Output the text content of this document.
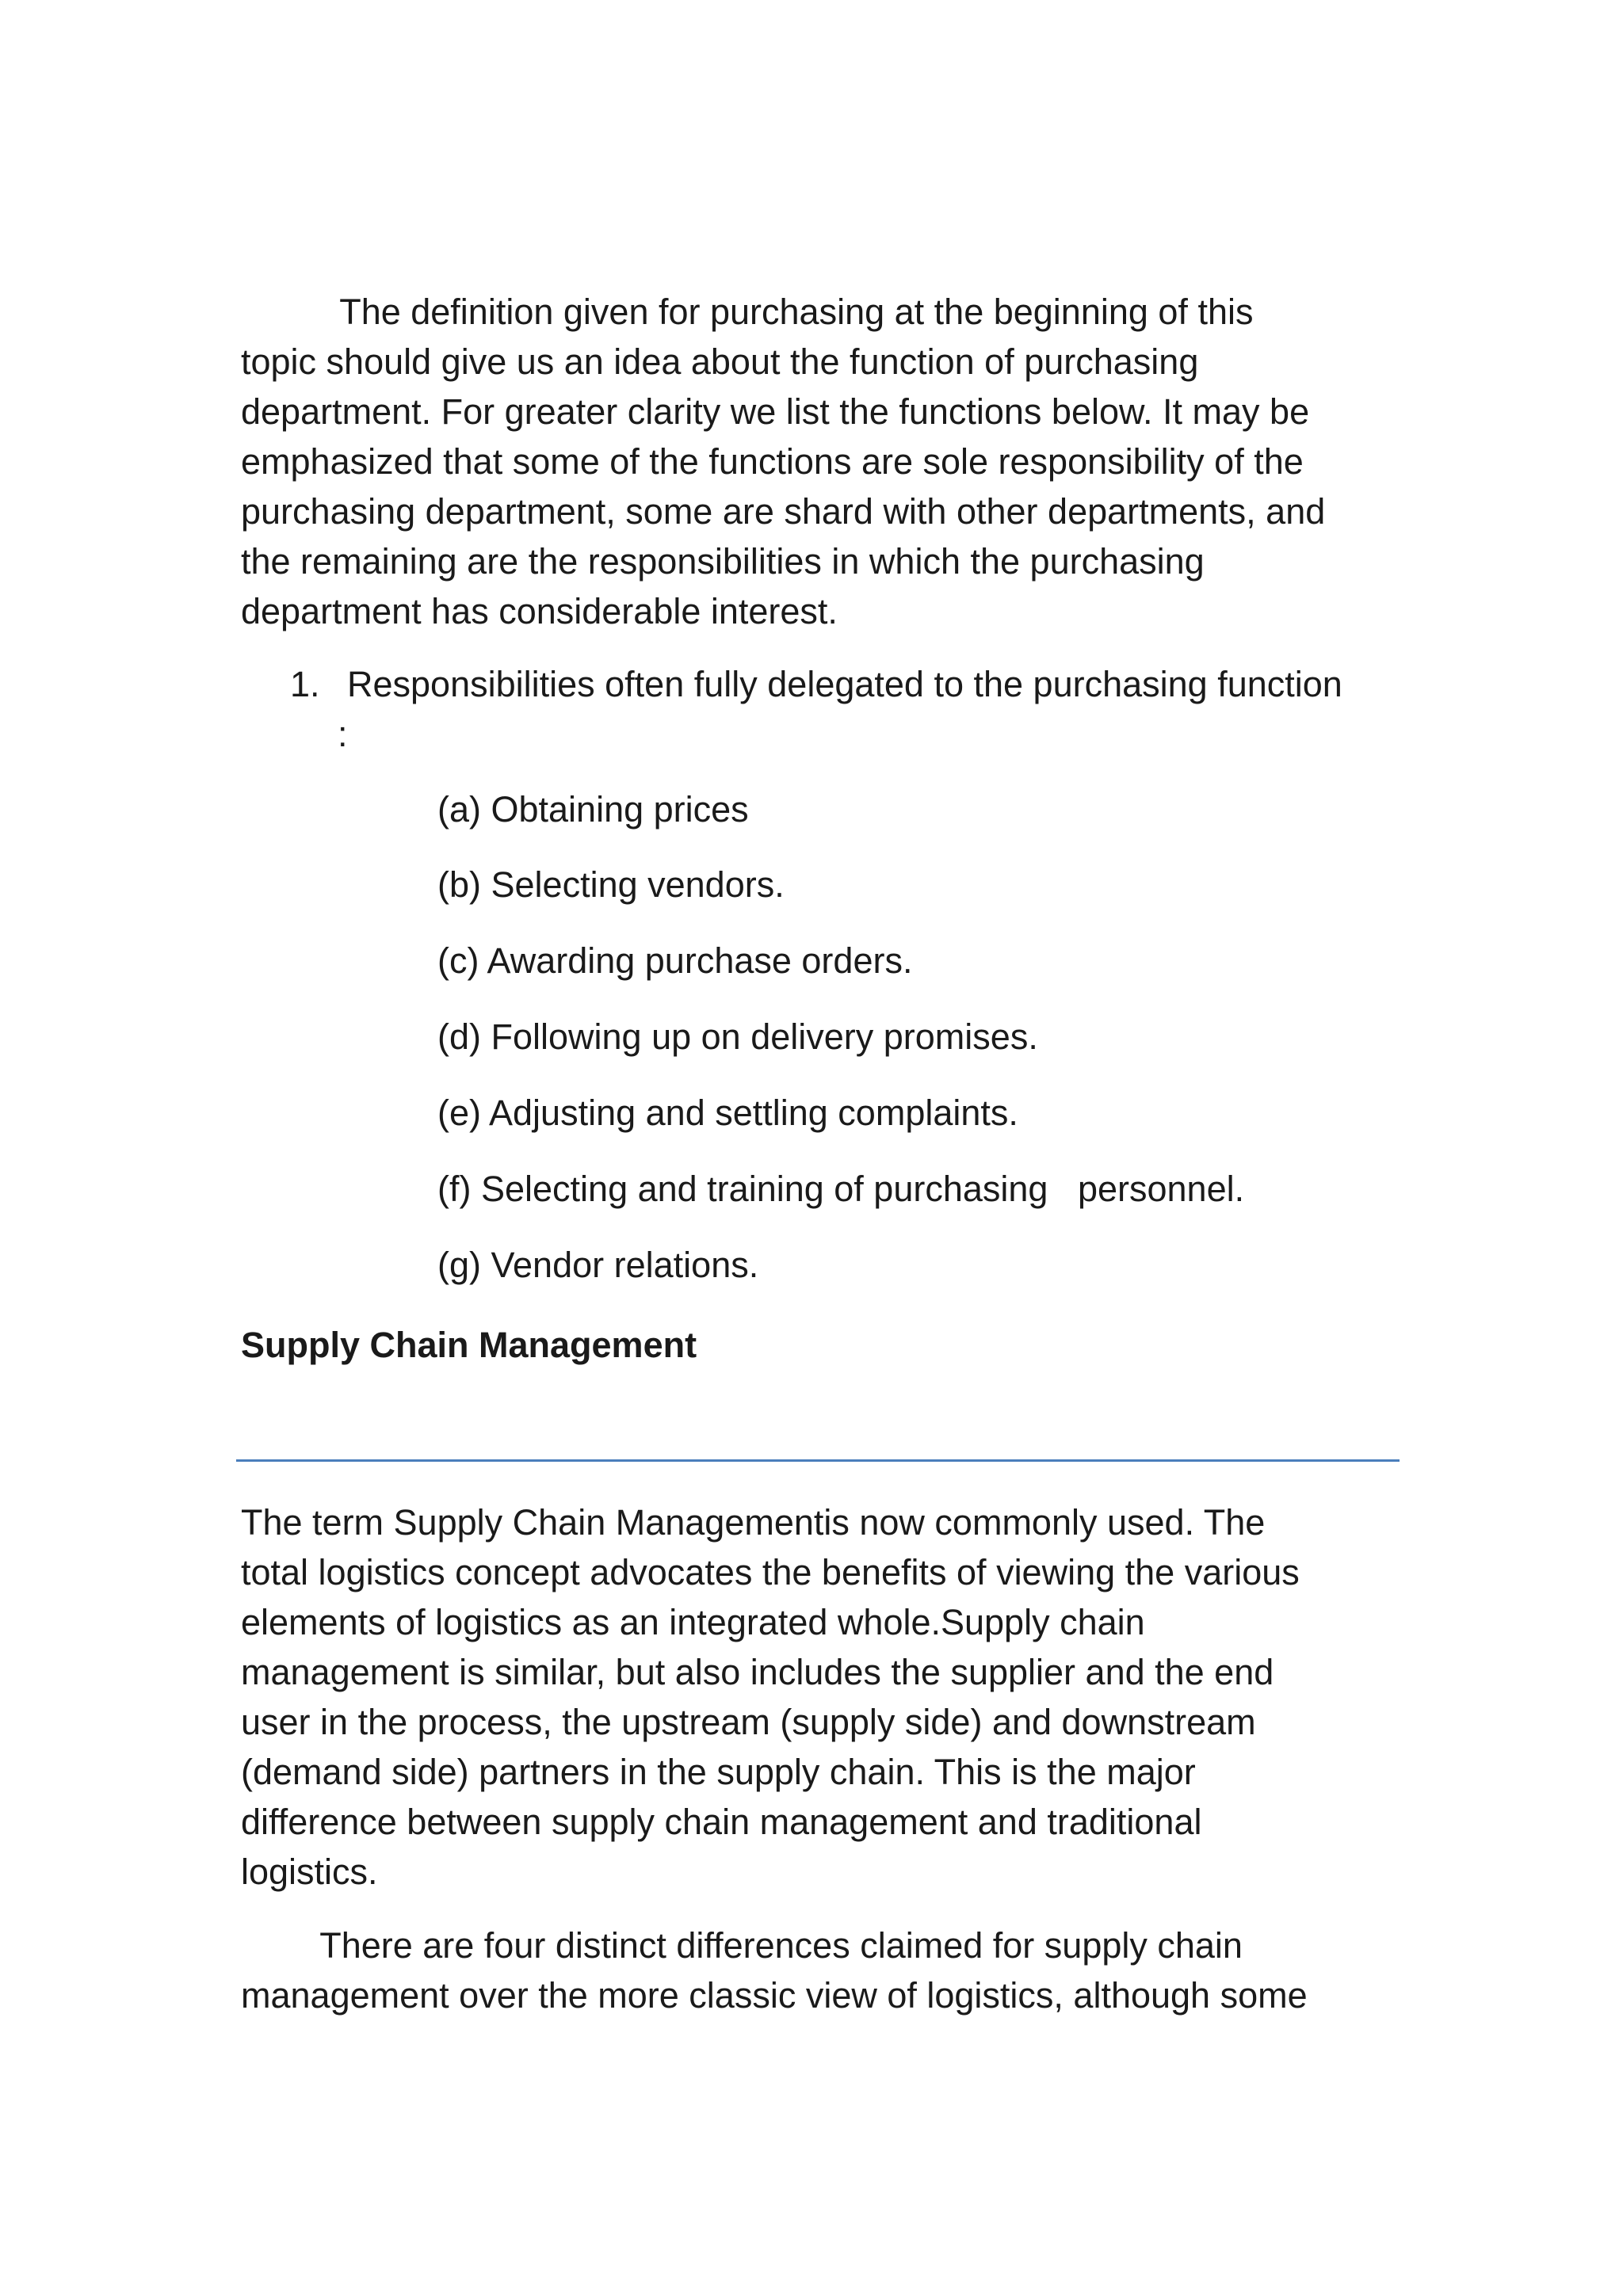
The definition given for purchasing at the beginning of this
topic should give us an idea about the function of purchasing
department. For greater clarity we list the functions below. It may be
emphasized that some of the functions are sole responsibility of the
purchasing department, some are shard with other departments, and
the remaining are the responsibilities in which the purchasing
department has considerable interest.

1. Responsibilities often fully delegated to the purchasing function
:
(a) Obtaining prices
(b) Selecting vendors.
(c) Awarding purchase orders.
(d) Following up on delivery promises.
(e) Adjusting and settling complaints.
(f) Selecting and training of purchasing   personnel.
(g) Vendor relations.
Supply Chain Management

The term Supply Chain Managementis now commonly used. The
total logistics concept advocates the benefits of viewing the various
elements of logistics as an integrated whole.Supply chain
management is similar, but also includes the supplier and the end
user in the process, the upstream (supply side) and downstream
(demand side) partners in the supply chain. This is the major
difference between supply chain management and traditional
logistics.

There are four distinct differences claimed for supply chain
management over the more classic view of logistics, although some
